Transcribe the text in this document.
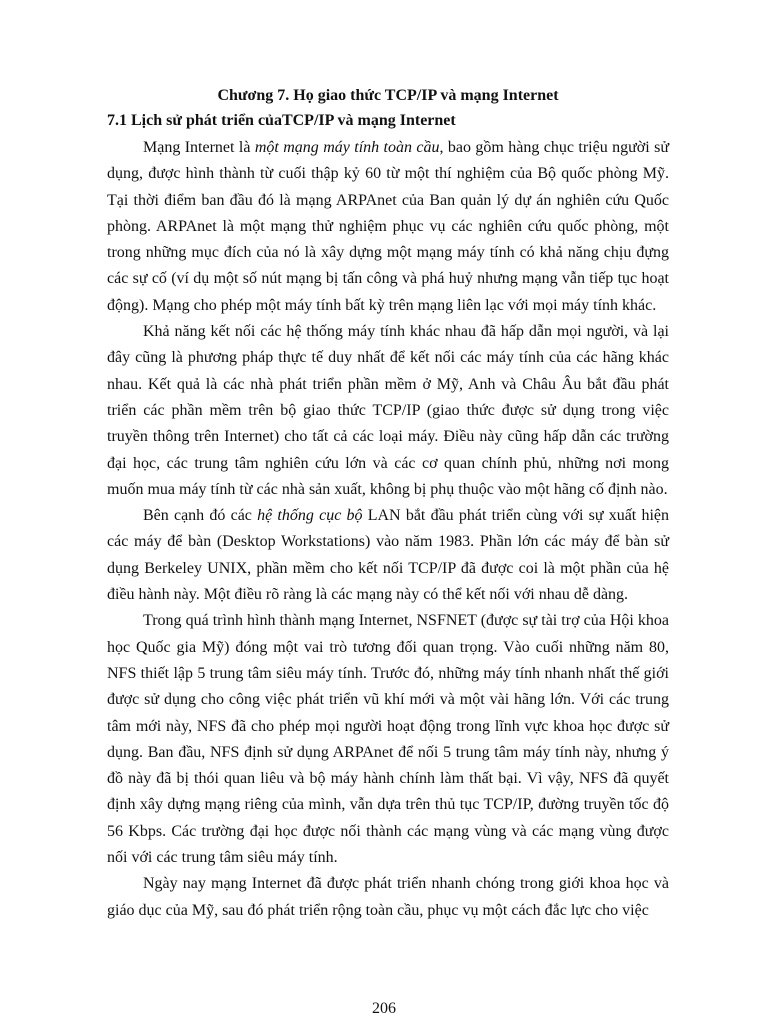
Chương 7. Họ giao thức TCP/IP và mạng Internet
7.1 Lịch sử phát triển củaTCP/IP và mạng Internet

Mạng Internet là một mạng máy tính toàn cầu, bao gồm hàng chục triệu người sử dụng, được hình thành từ cuối thập kỷ 60 từ một thí nghiệm của Bộ quốc phòng Mỹ. Tại thời điểm ban đầu đó là mạng ARPAnet của Ban quản lý dự án nghiên cứu Quốc phòng. ARPAnet là một mạng thử nghiệm phục vụ các nghiên cứu quốc phòng, một trong những mục đích của nó là xây dựng một mạng máy tính có khả năng chịu đựng các sự cố (ví dụ một số nút mạng bị tấn công và phá huỷ nhưng mạng vẫn tiếp tục hoạt động). Mạng cho phép một máy tính bất kỳ trên mạng liên lạc với mọi máy tính khác.

Khả năng kết nối các hệ thống máy tính khác nhau đã hấp dẫn mọi người, và lại đây cũng là phương pháp thực tế duy nhất để kết nối các máy tính của các hãng khác nhau. Kết quả là các nhà phát triển phần mềm ở Mỹ, Anh và Châu Âu bắt đầu phát triển các phần mềm trên bộ giao thức TCP/IP (giao thức được sử dụng trong việc truyền thông trên Internet) cho tất cả các loại máy. Điều này cũng hấp dẫn các trường đại học, các trung tâm nghiên cứu lớn và các cơ quan chính phủ, những nơi mong muốn mua máy tính từ các nhà sản xuất, không bị phụ thuộc vào một hãng cố định nào.

Bên cạnh đó các hệ thống cục bộ LAN bắt đầu phát triển cùng với sự xuất hiện các máy để bàn (Desktop Workstations) vào năm 1983. Phần lớn các máy để bàn sử dụng Berkeley UNIX, phần mềm cho kết nối TCP/IP đã được coi là một phần của hệ điều hành này. Một điều rõ ràng là các mạng này có thể kết nối với nhau dễ dàng.

Trong quá trình hình thành mạng Internet, NSFNET (được sự tài trợ của Hội khoa học Quốc gia Mỹ) đóng một vai trò tương đối quan trọng. Vào cuối những năm 80, NFS thiết lập 5 trung tâm siêu máy tính. Trước đó, những máy tính nhanh nhất thế giới được sử dụng cho công việc phát triển vũ khí mới và một vài hãng lớn. Với các trung tâm mới này, NFS đã cho phép mọi người hoạt động trong lĩnh vực khoa học được sử dụng. Ban đầu, NFS định sử dụng ARPAnet để nối 5 trung tâm máy tính này, nhưng ý đồ này đã bị thói quan liêu và bộ máy hành chính làm thất bại. Vì vậy, NFS đã quyết định xây dựng mạng riêng của mình, vẫn dựa trên thủ tục TCP/IP, đường truyền tốc độ 56 Kbps. Các trường đại học được nối thành các mạng vùng và các mạng vùng được nối với các trung tâm siêu máy tính.

Ngày nay mạng Internet đã được phát triển nhanh chóng trong giới khoa học và giáo dục của Mỹ, sau đó phát triển rộng toàn cầu, phục vụ một cách đắc lực cho việc

206
